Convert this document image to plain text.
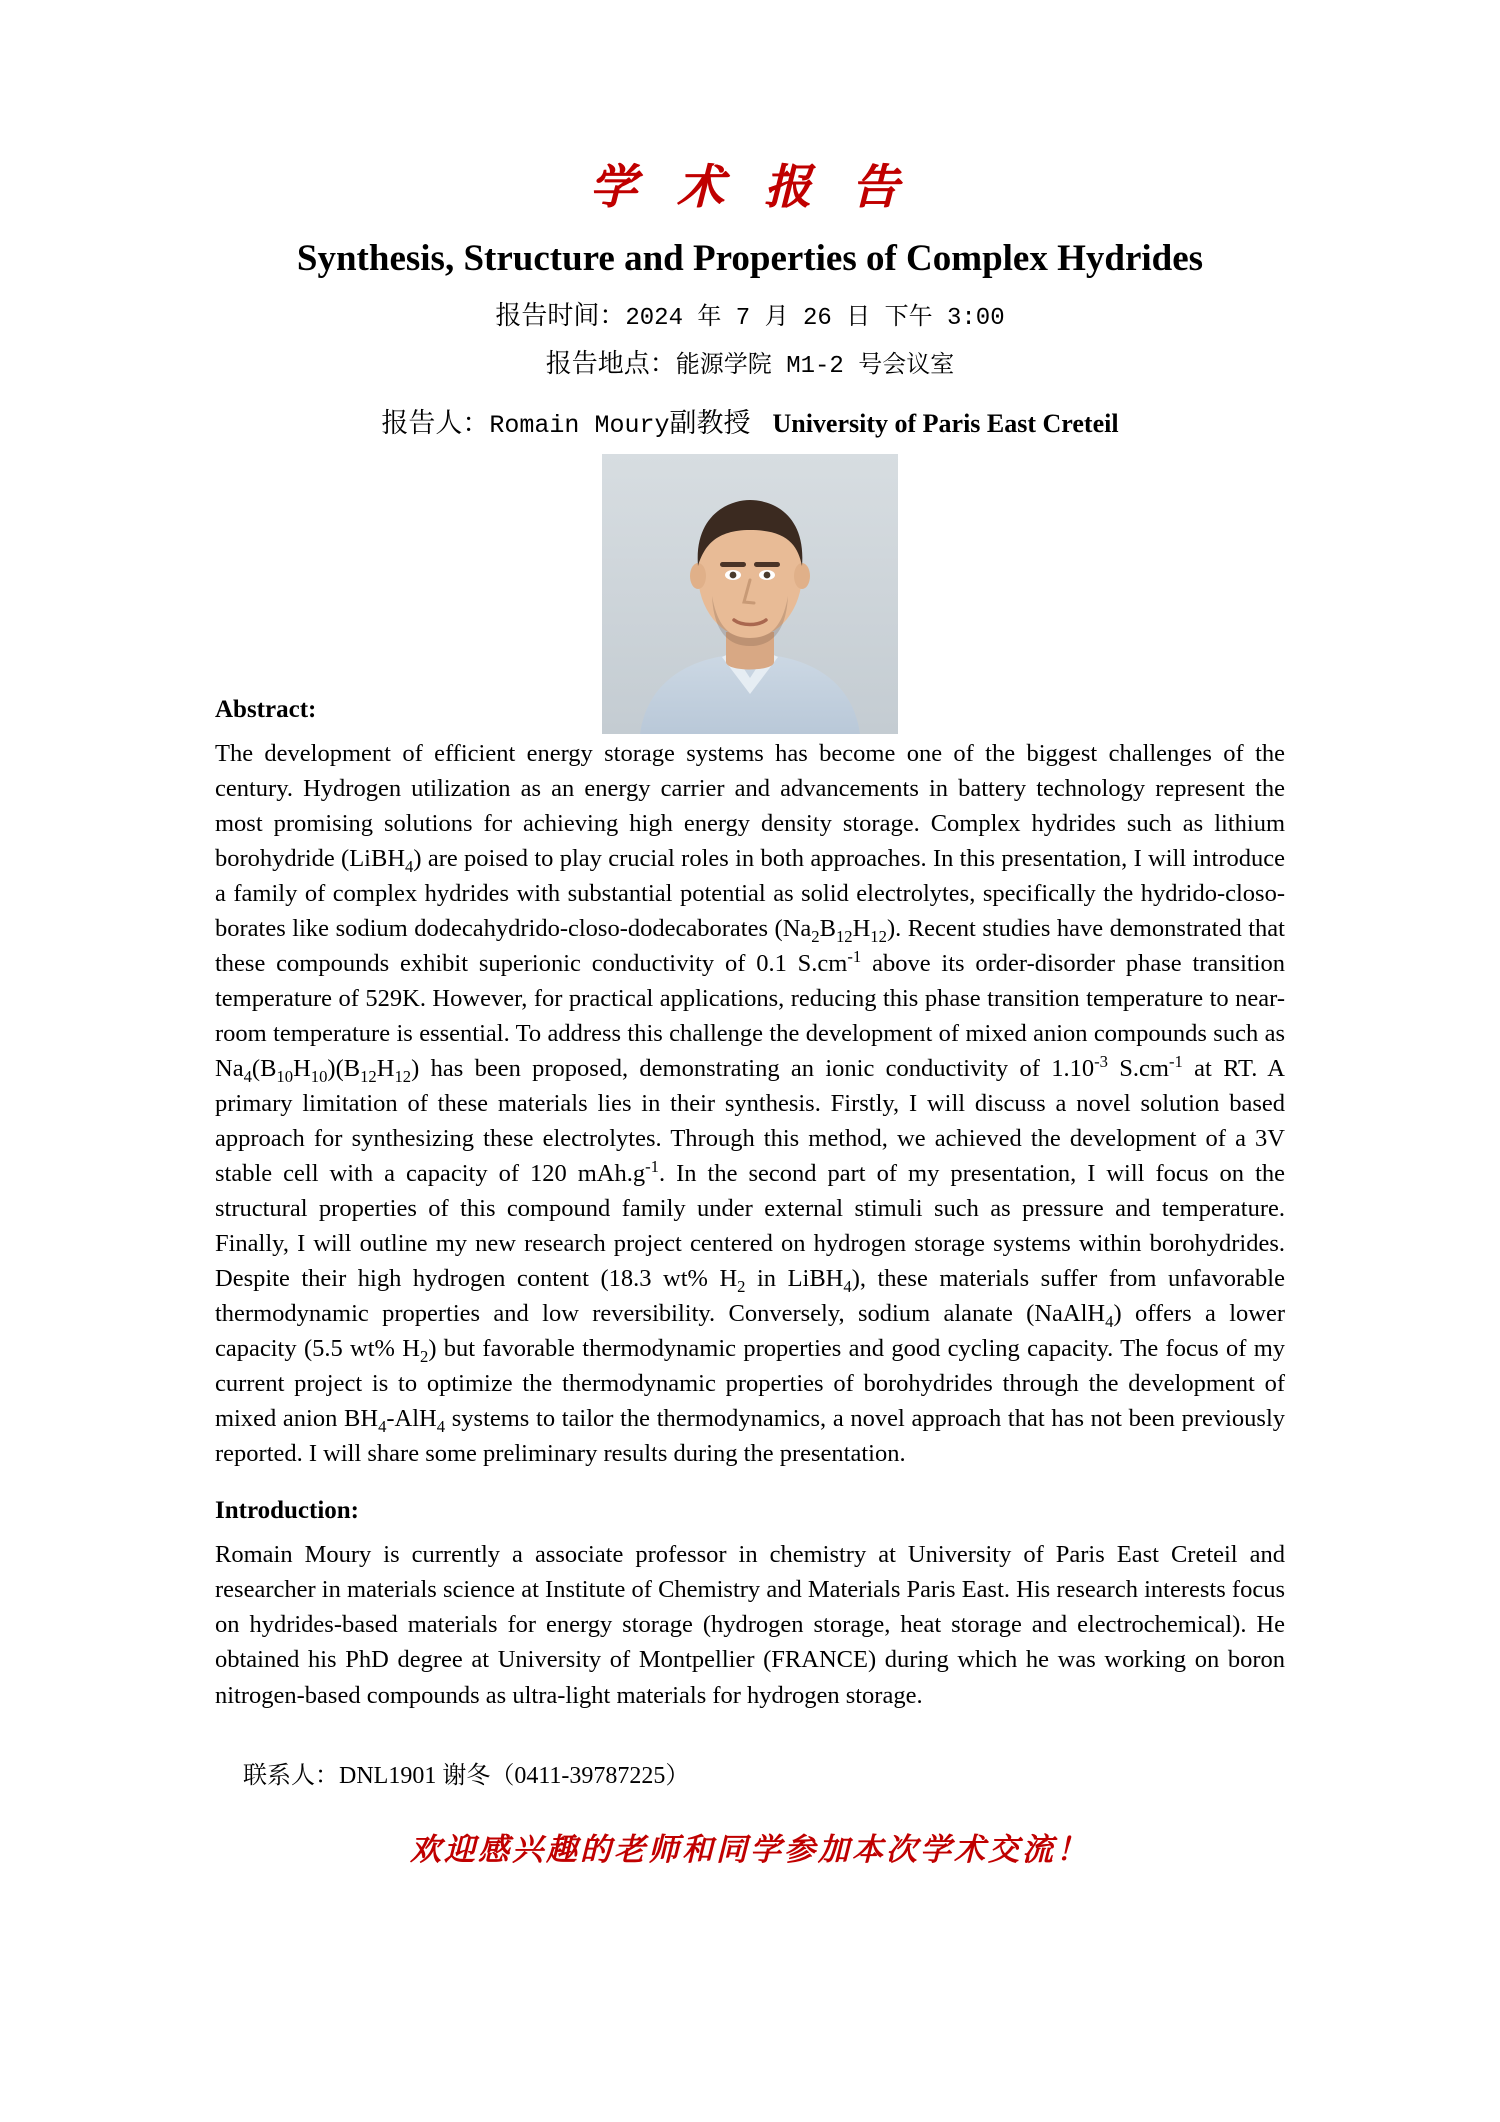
学 术 报 告
Synthesis, Structure and Properties of Complex Hydrides
报告时间：2024 年 7 月 26 日 下午 3:00
报告地点：能源学院 M1-2 号会议室
报告人：Romain Moury副教授 University of Paris East Creteil
Abstract:

The development of efficient energy storage systems has become one of the biggest challenges of the century. Hydrogen utilization as an energy carrier and advancements in battery technology represent the most promising solutions for achieving high energy density storage. Complex hydrides such as lithium borohydride (LiBH$_4$) are poised to play crucial roles in both approaches. In this presentation, I will introduce a family of complex hydrides with substantial potential as solid electrolytes, specifically the hydrido-closo-borates like sodium dodecahydrido-closo-dodecaborates $(Na_2B_{12}H_{12})$. Recent studies have demonstrated that these compounds exhibit superionic conductivity of 0.1 $S.cm^{-1}$ above its order-disorder phase transition temperature of 529K. However, for practical applications, reducing this phase transition temperature to near-room temperature is essential. To address this challenge the development of mixed anion compounds such as $Na_4(B_{10}H_{10})(B_{12}H_{12})$ has been proposed, demonstrating an ionic conductivity of $1.10^{-3}$ $S.cm^{-1}$ at RT. A primary limitation of these materials lies in their synthesis. Firstly, I will discuss a novel solution based approach for synthesizing these electrolytes. Through this method, we achieved the development of a 3V stable cell with a capacity of 120 $mAh.g^{-1}$. In the second part of my presentation, I will focus on the structural properties of this compound family under external stimuli such as pressure and temperature. Finally, I will outline my new research project centered on hydrogen storage systems within borohydrides. Despite their high hydrogen content (18.3 wt% $H_2$ in LiBH$_4$), these materials suffer from unfavorable thermodynamic properties and low reversibility. Conversely, sodium alanate (NaAlH$_4$) offers a lower capacity (5.5 wt% $H_2$) but favorable thermodynamic properties and good cycling capacity. The focus of my current project is to optimize the thermodynamic properties of borohydrides through the development of mixed anion $BH_4-AlH_4$ systems to tailor the thermodynamics, a novel approach that has not been previously reported. I will share some preliminary results during the presentation.

Introduction:

Romain Moury is currently a associate professor in chemistry at University of Paris East Creteil and researcher in materials science at Institute of Chemistry and Materials Paris East. His research interests focus on hydrides-based materials for energy storage (hydrogen storage, heat storage and electrochemical). He obtained his PhD degree at University of Montpellier (FRANCE) during which he was working on boron nitrogen-based compounds as ultra-light materials for hydrogen storage.

联系人：DNL1901 谢冬（0411-39787225）
欢迎感兴趣的老师和同学参加本次学术交流！
